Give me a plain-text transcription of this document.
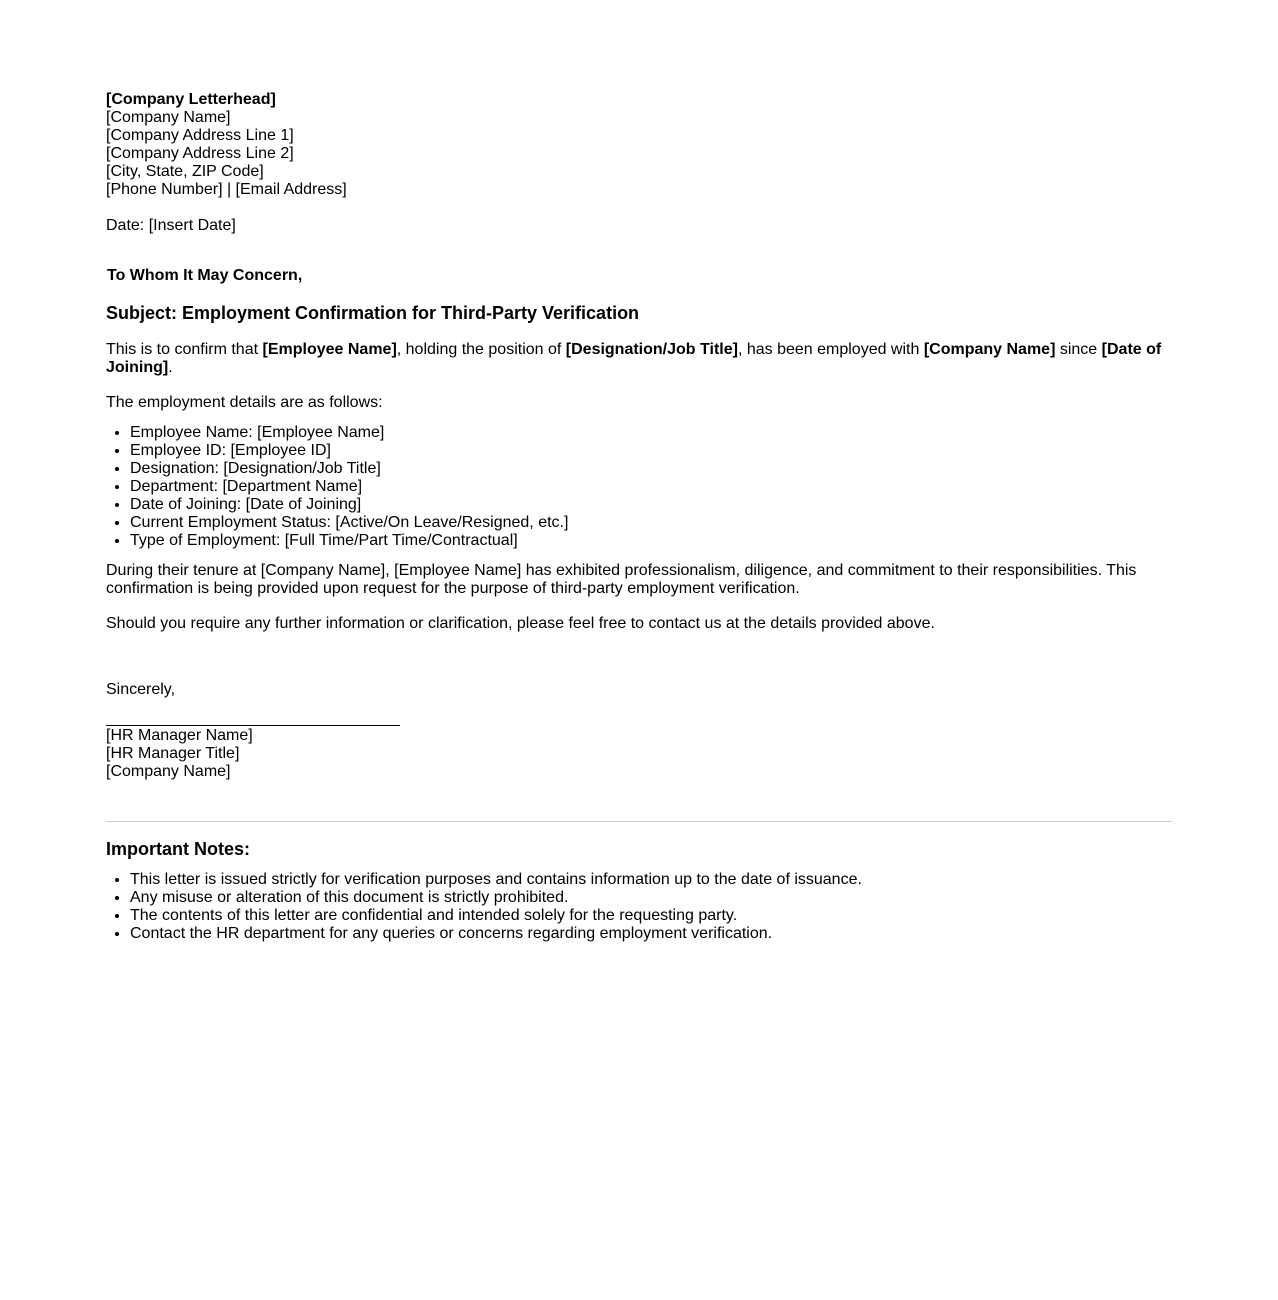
[Company Letterhead]
[Company Name]
[Company Address Line 1]
[Company Address Line 2]
[City, State, ZIP Code]
[Phone Number] | [Email Address]
Date: [Insert Date]
To Whom It May Concern,
Subject: Employment Confirmation for Third-Party Verification
This is to confirm that [Employee Name], holding the position of [Designation/Job Title], has been employed with [Company Name] since [Date of Joining].
The employment details are as follows:
• Employee Name: [Employee Name]
• Employee ID: [Employee ID]
• Designation: [Designation/Job Title]
• Department: [Department Name]
• Date of Joining: [Date of Joining]
• Current Employment Status: [Active/On Leave/Resigned, etc.]
• Type of Employment: [Full Time/Part Time/Contractual]
During their tenure at [Company Name], [Employee Name] has exhibited professionalism, diligence, and commitment to their responsibilities. This confirmation is being provided upon request for the purpose of third-party employment verification.
Should you require any further information or clarification, please feel free to contact us at the details provided above.
Sincerely,
[HR Manager Name]
[HR Manager Title]
[Company Name]
Important Notes:
• This letter is issued strictly for verification purposes and contains information up to the date of issuance.
• Any misuse or alteration of this document is strictly prohibited.
• The contents of this letter are confidential and intended solely for the requesting party.
• Contact the HR department for any queries or concerns regarding employment verification.
